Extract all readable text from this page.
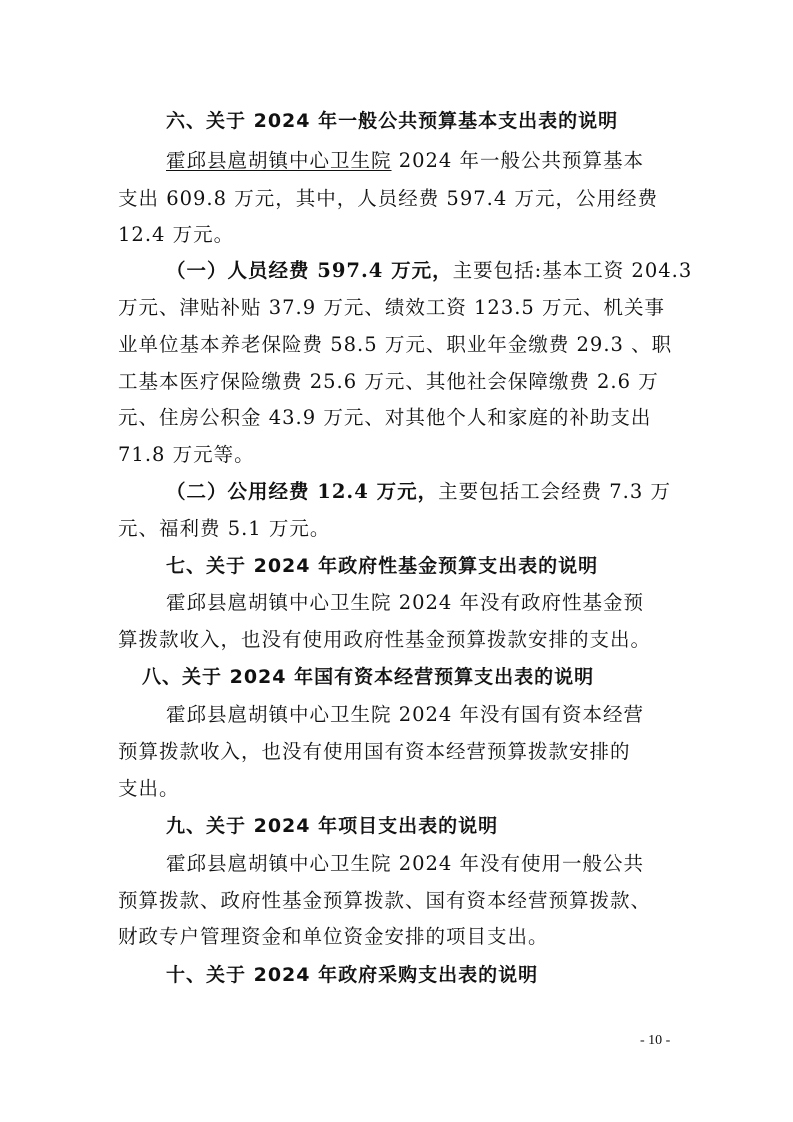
六、关于 2024 年一般公共预算基本支出表的说明
霍邱县扈胡镇中心卫生院 2024 年一般公共预算基本
支出 609.8 万元，其中，人员经费 597.4 万元，公用经费
12.4 万元。
（一）人员经费 597.4 万元，主要包括:基本工资 204.3
万元、津贴补贴 37.9 万元、绩效工资 123.5 万元、机关事
业单位基本养老保险费 58.5 万元、职业年金缴费 29.3 、职
工基本医疗保险缴费 25.6 万元、其他社会保障缴费 2.6 万
元、住房公积金 43.9 万元、对其他个人和家庭的补助支出
71.8 万元等。
（二）公用经费 12.4 万元，主要包括工会经费 7.3 万
元、福利费 5.1 万元。
七、关于 2024 年政府性基金预算支出表的说明
霍邱县扈胡镇中心卫生院 2024 年没有政府性基金预
算拨款收入，也没有使用政府性基金预算拨款安排的支出。
八、关于 2024 年国有资本经营预算支出表的说明
霍邱县扈胡镇中心卫生院 2024 年没有国有资本经营
预算拨款收入，也没有使用国有资本经营预算拨款安排的
支出。
九、关于 2024 年项目支出表的说明
霍邱县扈胡镇中心卫生院 2024 年没有使用一般公共
预算拨款、政府性基金预算拨款、国有资本经营预算拨款、
财政专户管理资金和单位资金安排的项目支出。
十、关于 2024 年政府采购支出表的说明
- 10 -
